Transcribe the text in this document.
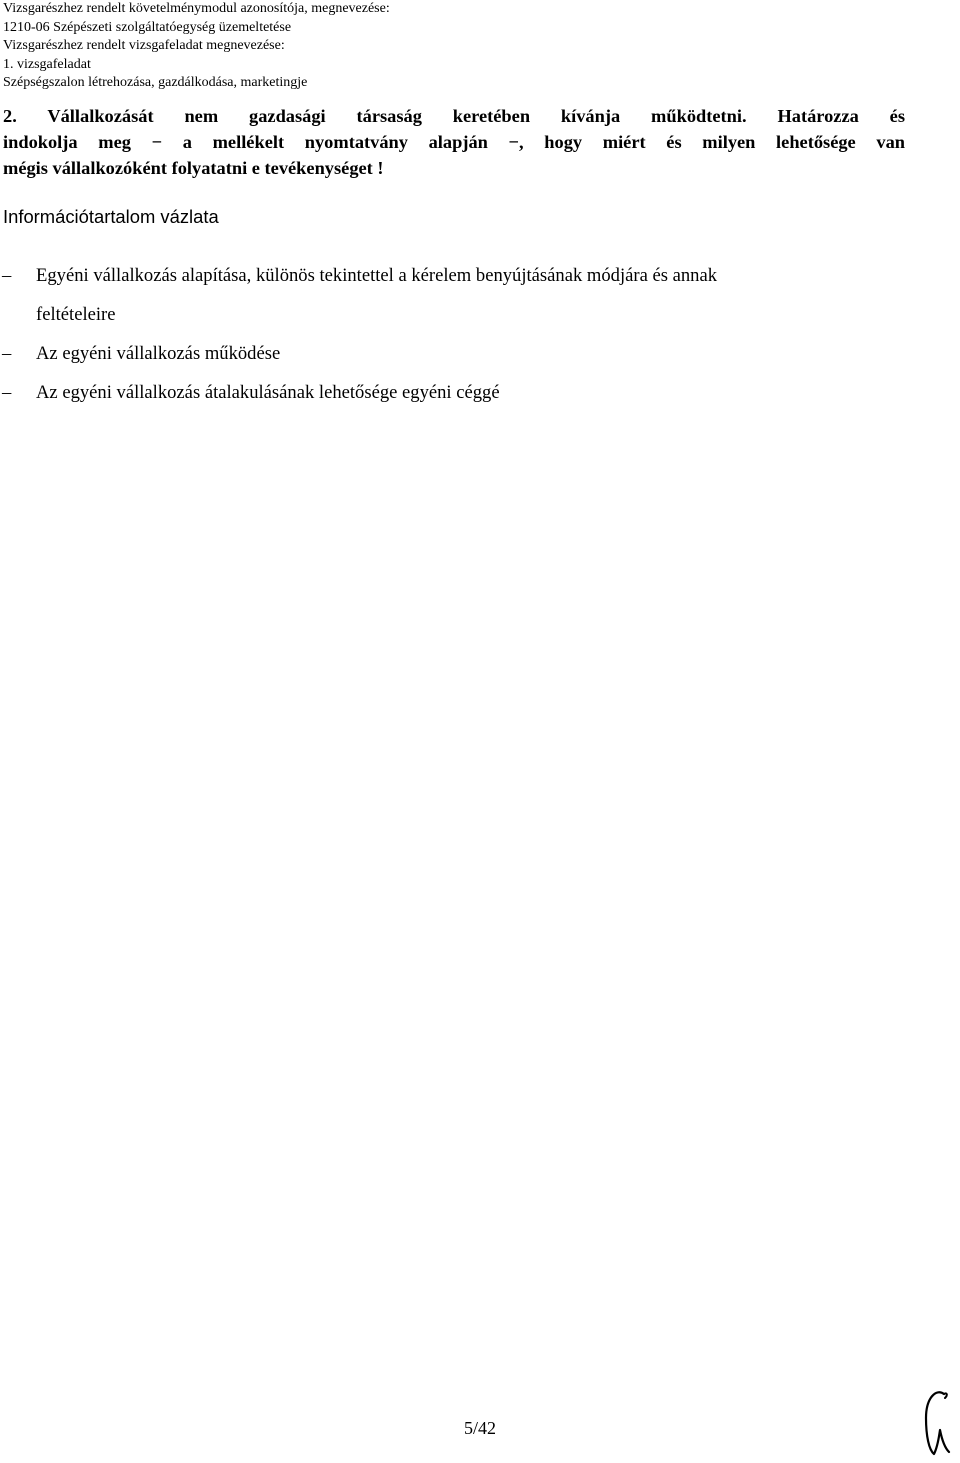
Vizsgarészhez rendelt követelménymodul azonosítója, megnevezése:
1210-06 Szépészeti szolgáltatóegység üzemeltetése
Vizsgarészhez rendelt vizsgafeladat megnevezése:
1. vizsgafeladat
Szépségszalon létrehozása, gazdálkodása, marketingje
2. Vállalkozását nem gazdasági társaság keretében kívánja működtetni. Határozza és
indokolja meg − a mellékelt nyomtatvány alapján −, hogy miért és milyen lehetősége van
mégis vállalkozóként folyatatni e tevékenységet !
Információtartalom vázlata
–	Egyéni vállalkozás alapítása, különös tekintettel a kérelem benyújtásának módjára és annak
feltételeire
–	Az egyéni vállalkozás működése
–	Az egyéni vállalkozás átalakulásának lehetősége egyéni céggé
5/42
